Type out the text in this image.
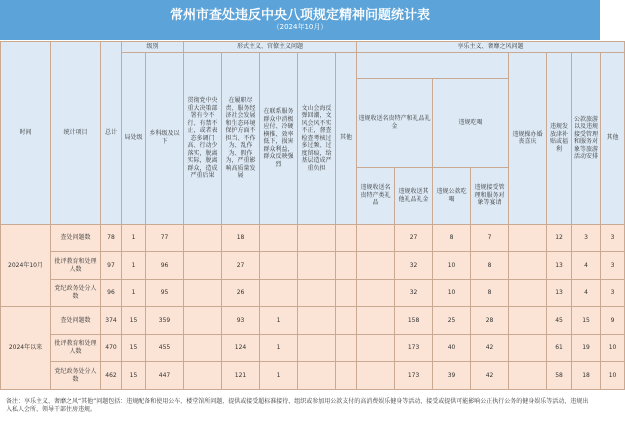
常州市查处违反中央八项规定精神问题统计表
（2024年10月）
时间	统计项目	总计	级别		形式主义、官僚主义问题					享乐主义、奢靡之风问题							
			局处级	乡科级及以下	贯彻党中央重大决策部署有令不行、有禁不止，或者表态多调门高、行动少落实，脱离实际，脱离群众，造成严重后果	在履职尽责、服务经济社会发展和生态环境保护方面不担当、不作为、乱作为、假作为，严重影响高质量发展	在联系服务群众中消极应付、冷硬横推、效率低下，损害群众利益，群众反映强烈	文山会海反弹回潮，文风会风不实不正，督查检查考核过多过频、过度留痕，给基层造成严重负担	其他					违规操办婚丧喜庆	违规发放津补贴或福利	公款旅游以及违规接受管理和服务对象等旅游活动安排	其他
										违规收送名贵特产和礼品礼金		违规吃喝					
										违规收送名贵特产类礼品	违规收送其他礼品礼金	违规公款吃喝	违规接受管理和服务对象等宴请				
2024年10月	查处问题数	78	1	77		18					27	8	7		12	3	3
	批评教育和处理人数	97	1	96		27					32	10	8		13	4	3
	党纪政务处分人数	96	1	95		26					32	10	8		13	4	3
2024年以来	查处问题数	374	15	359		93	1				158	25	28		45	15	9
	批评教育和处理人数	470	15	455		124	1				173	40	42		61	19	10
	党纪政务处分人数	462	15	447		121	1				173	39	42		58	18	10
备注：享乐主义、奢靡之风“其他”问题包括：违规配备和使用公车、楼堂馆所问题、提供或接受超标准接待、组织或参加用公款支付的高消费娱乐健身等活动、接受或提供可能影响公正执行公务的健身娱乐等活动、违规出入私人会所、领导干部住房违规。
